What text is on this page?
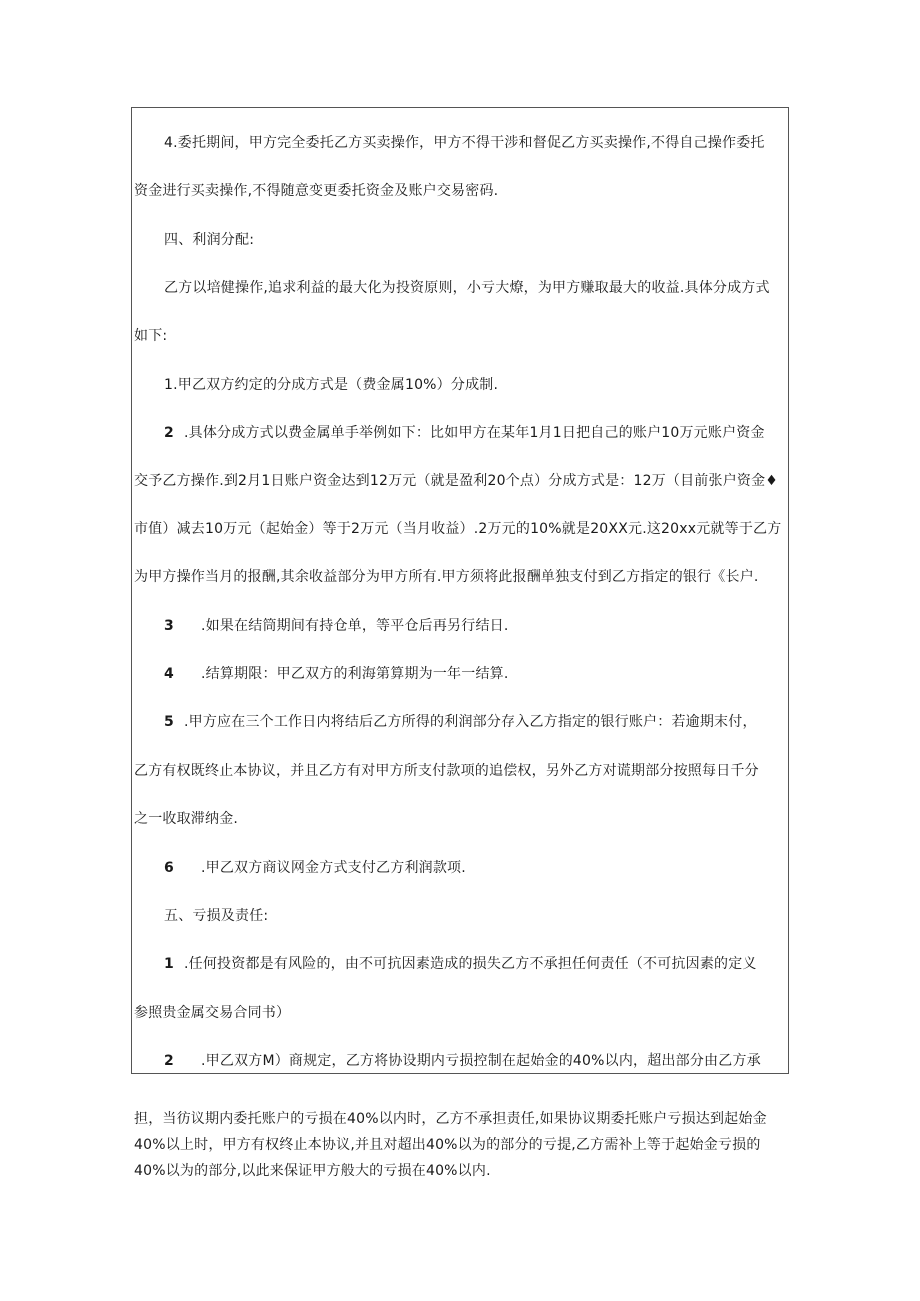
4.委托期间，甲方完全委托乙方买卖操作，甲方不得干涉和督促乙方买卖操作,不得自己操作委托
资金进行买卖操作,不得随意变更委托资金及账户交易密码.
四、利润分配:
乙方以培健操作,追求利益的最大化为投资原则，小亏大燎，为甲方赚取最大的收益.具体分成方式
如下:
1.甲乙双方约定的分成方式是（费金属10%）分成制.
2 .具体分成方式以费金属单手举例如下：比如甲方在某年1月1日把自己的账户10万元账户资金
交予乙方操作.到2月1日账户资金达到12万元（就是盈利20个点）分成方式是：12万（目前张户资金♦
市值）减去10万元（起始金）等于2万元（当月收益）.2万元的10%就是20XX元.这20xx元就等于乙方
为甲方操作当月的报酬,其余收益部分为甲方所有.甲方须将此报酬单独支付到乙方指定的银行《长户.
3 .如果在结筒期间有持仓单，等平仓后再另行结日.
4 .结算期限：甲乙双方的利海第算期为一年一结算.
5 .甲方应在三个工作日内将结后乙方所得的利润部分存入乙方指定的银行账户：若逾期末付，
乙方有权既终止本协议，并且乙方有对甲方所支付款项的追偿权，另外乙方对谎期部分按照每日千分
之一收取滞纳金.
6 .甲乙双方商议网金方式支付乙方利润款项.
五、亏损及责任:
1 .任何投资都是有风险的，由不可抗因素造成的损失乙方不承担任何责任（不可抗因素的定义
参照贵金属交易合同书）
2 .甲乙双方M）商规定，乙方将协设期内亏损控制在起始金的40%以内，超出部分由乙方承
担，当彷议期内委托账户的亏损在40%以内时，乙方不承担责任,如果协议期委托账户亏损达到起始金
40%以上时，甲方有权终止本协议,并且对超出40%以为的部分的亏提,乙方需补上等于起始金亏损的
40%以为的部分,以此来保证甲方般大的亏损在40%以内.
